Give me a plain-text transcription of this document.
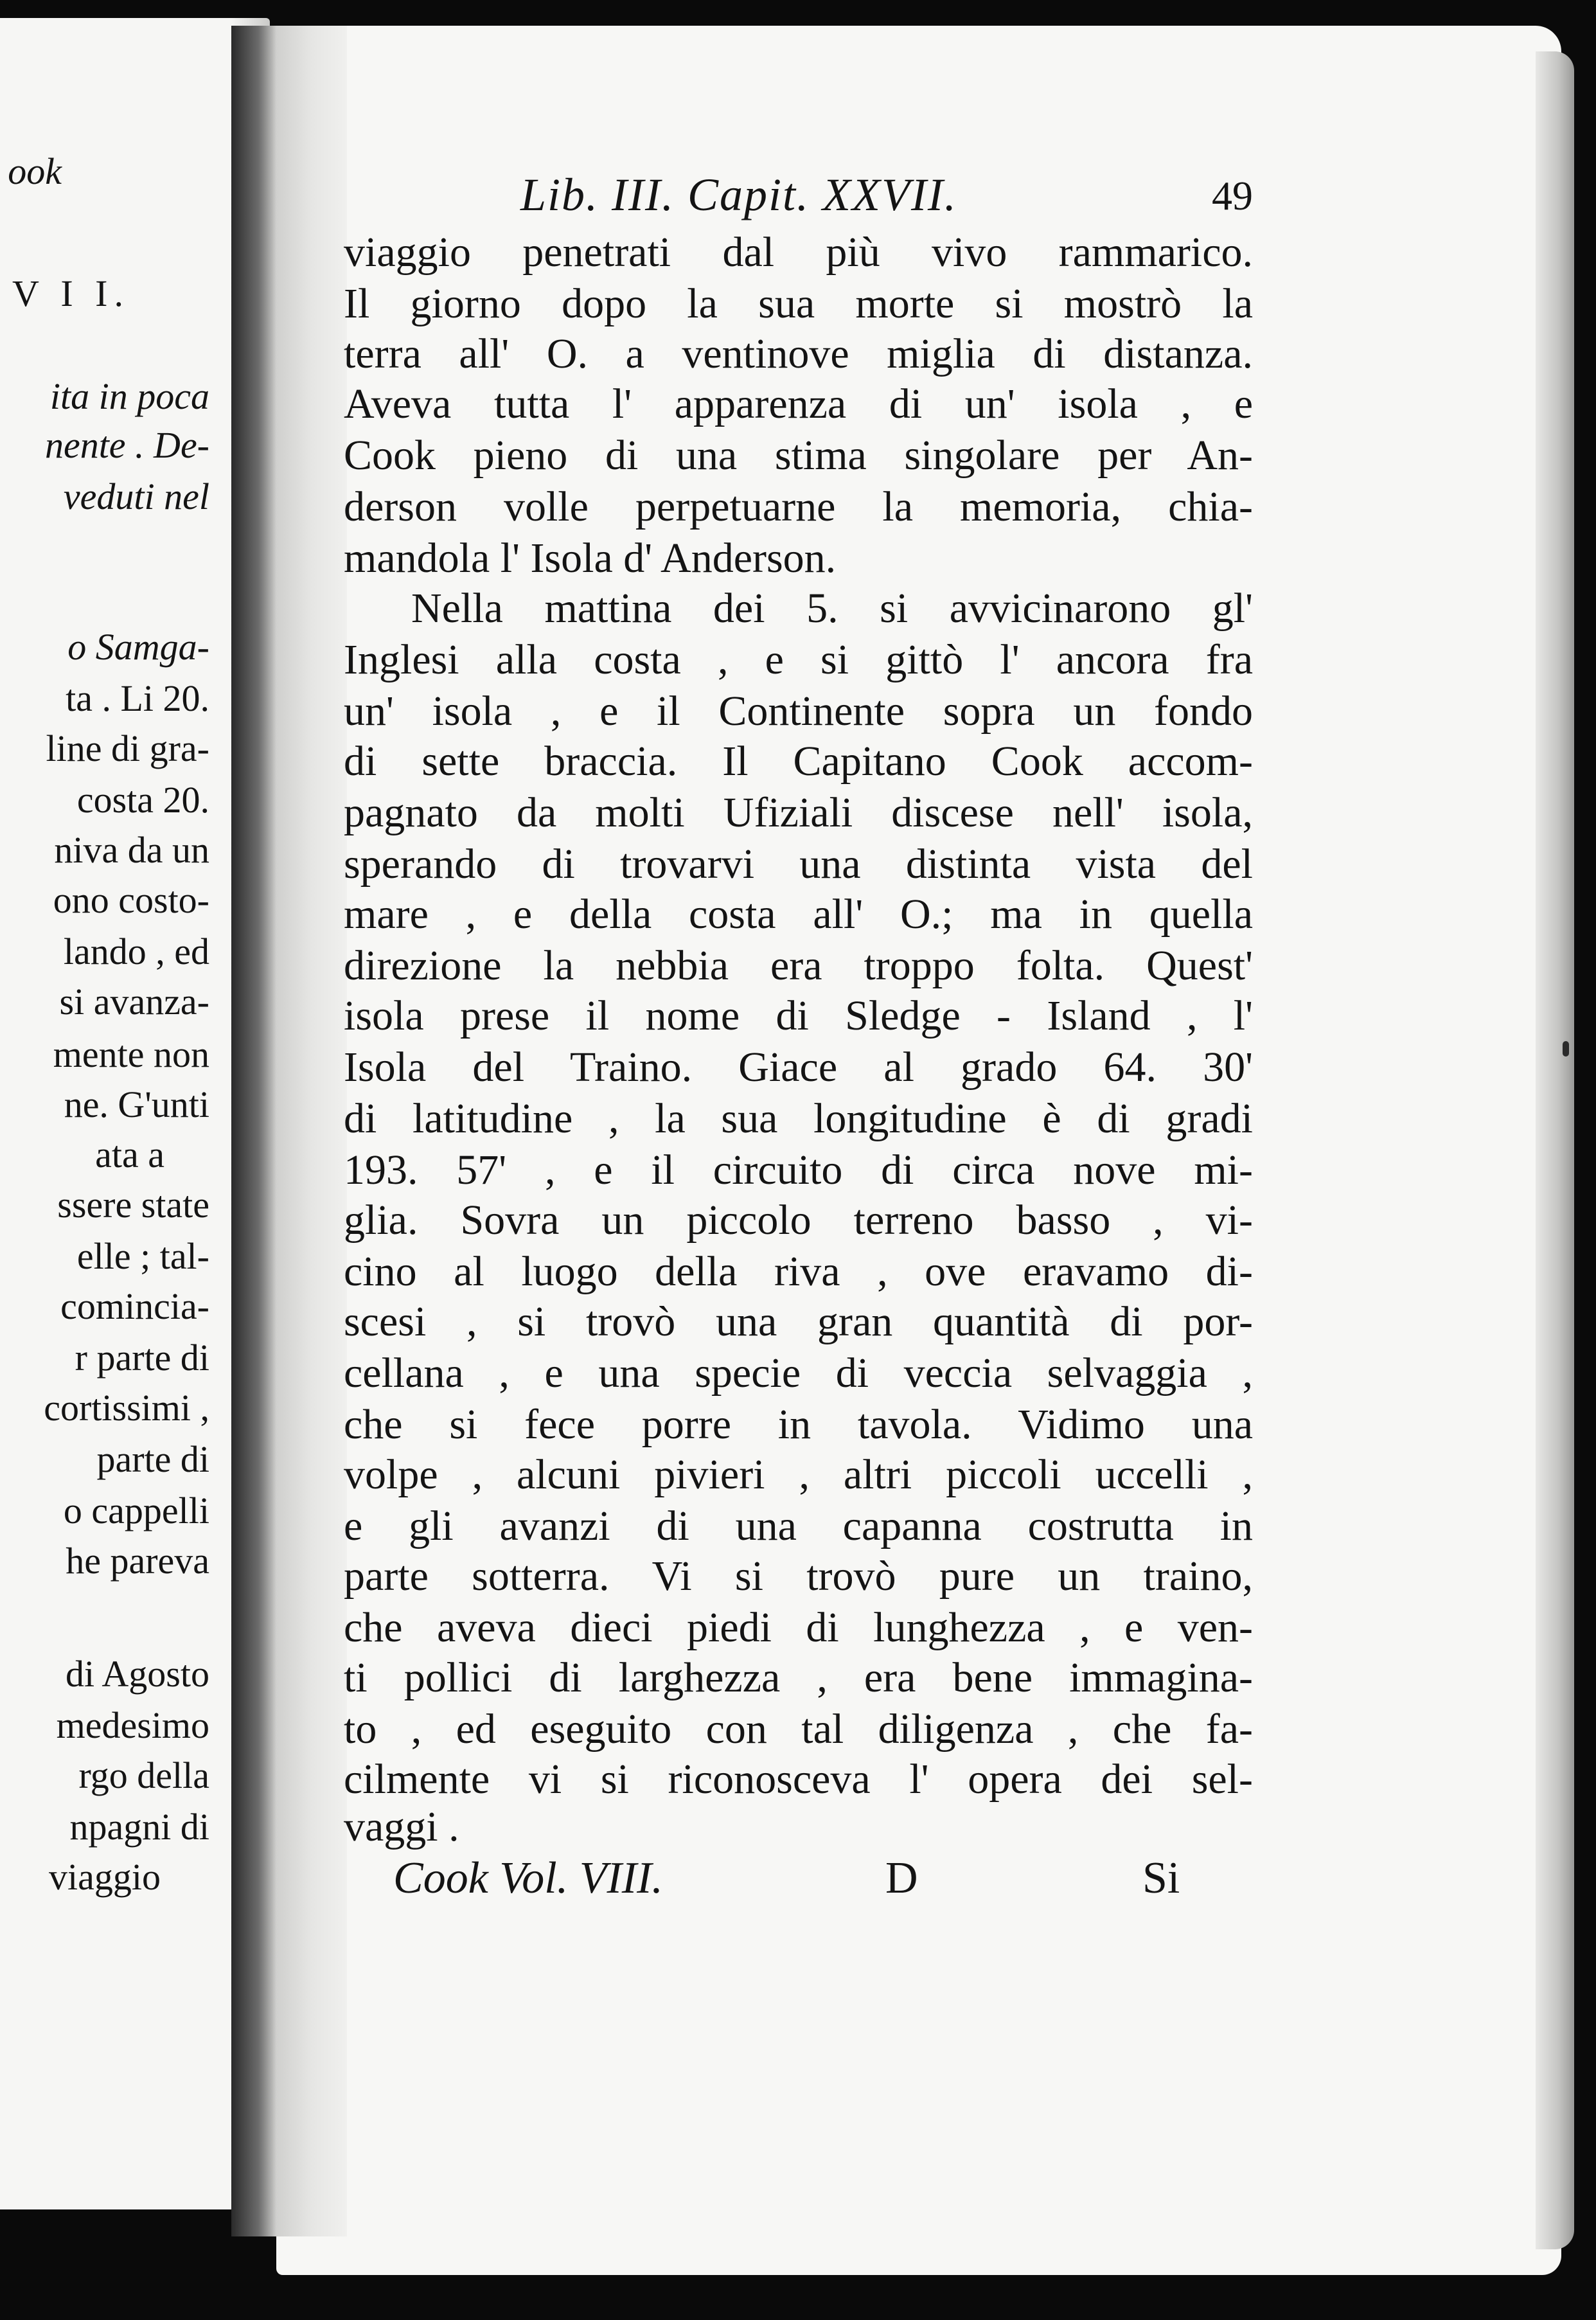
ook
V I I.
ita in poca
nente . De-
veduti nel
o Samga-
ta . Li 20.
line di gra-
costa 20.
niva da un
ono costo-
lando , ed
si avanza-
mente non
ne. G'unti
ata a
ssere state
elle ; tal-
comincia-
r parte di
cortissimi ,
parte di
o cappelli
he pareva
di Agosto
medesimo
rgo della
npagni di
viaggio
Lib. III. Capit. XXVII.	49
viaggio penetrati dal più vivo rammarico.
Il giorno dopo la sua morte si mostrò la
terra all' O. a ventinove miglia di distanza.
Aveva tutta l' apparenza di un' isola , e
Cook pieno di una stima singolare per An-
derson volle perpetuarne la memoria, chia-
mandola l' Isola d' Anderson.
Nella mattina dei 5. si avvicinarono gl'
Inglesi alla costa , e si gittò l' ancora fra
un' isola , e il Continente sopra un fondo
di sette braccia. Il Capitano Cook accom-
pagnato da molti Ufiziali discese nell' isola,
sperando di trovarvi una distinta vista del
mare , e della costa all' O.; ma in quella
direzione la nebbia era troppo folta. Quest'
isola prese il nome di Sledge - Island , l'
Isola del Traino. Giace al grado 64. 30'
di latitudine , la sua longitudine è di gradi
193. 57' , e il circuito di circa nove mi-
glia. Sovra un piccolo terreno basso , vi-
cino al luogo della riva , ove eravamo di-
scesi , si trovò una gran quantità di por-
cellana , e una specie di veccia selvaggia ,
che si fece porre in tavola. Vidimo una
volpe , alcuni pivieri , altri piccoli uccelli ,
e gli avanzi di una capanna costrutta in
parte sotterra. Vi si trovò pure un traino,
che aveva dieci piedi di lunghezza , e ven-
ti pollici di larghezza , era bene immagina-
to , ed eseguito con tal diligenza , che fa-
cilmente vi si riconosceva l' opera dei sel-
vaggi .
Cook Vol. VIII.	D	Si
